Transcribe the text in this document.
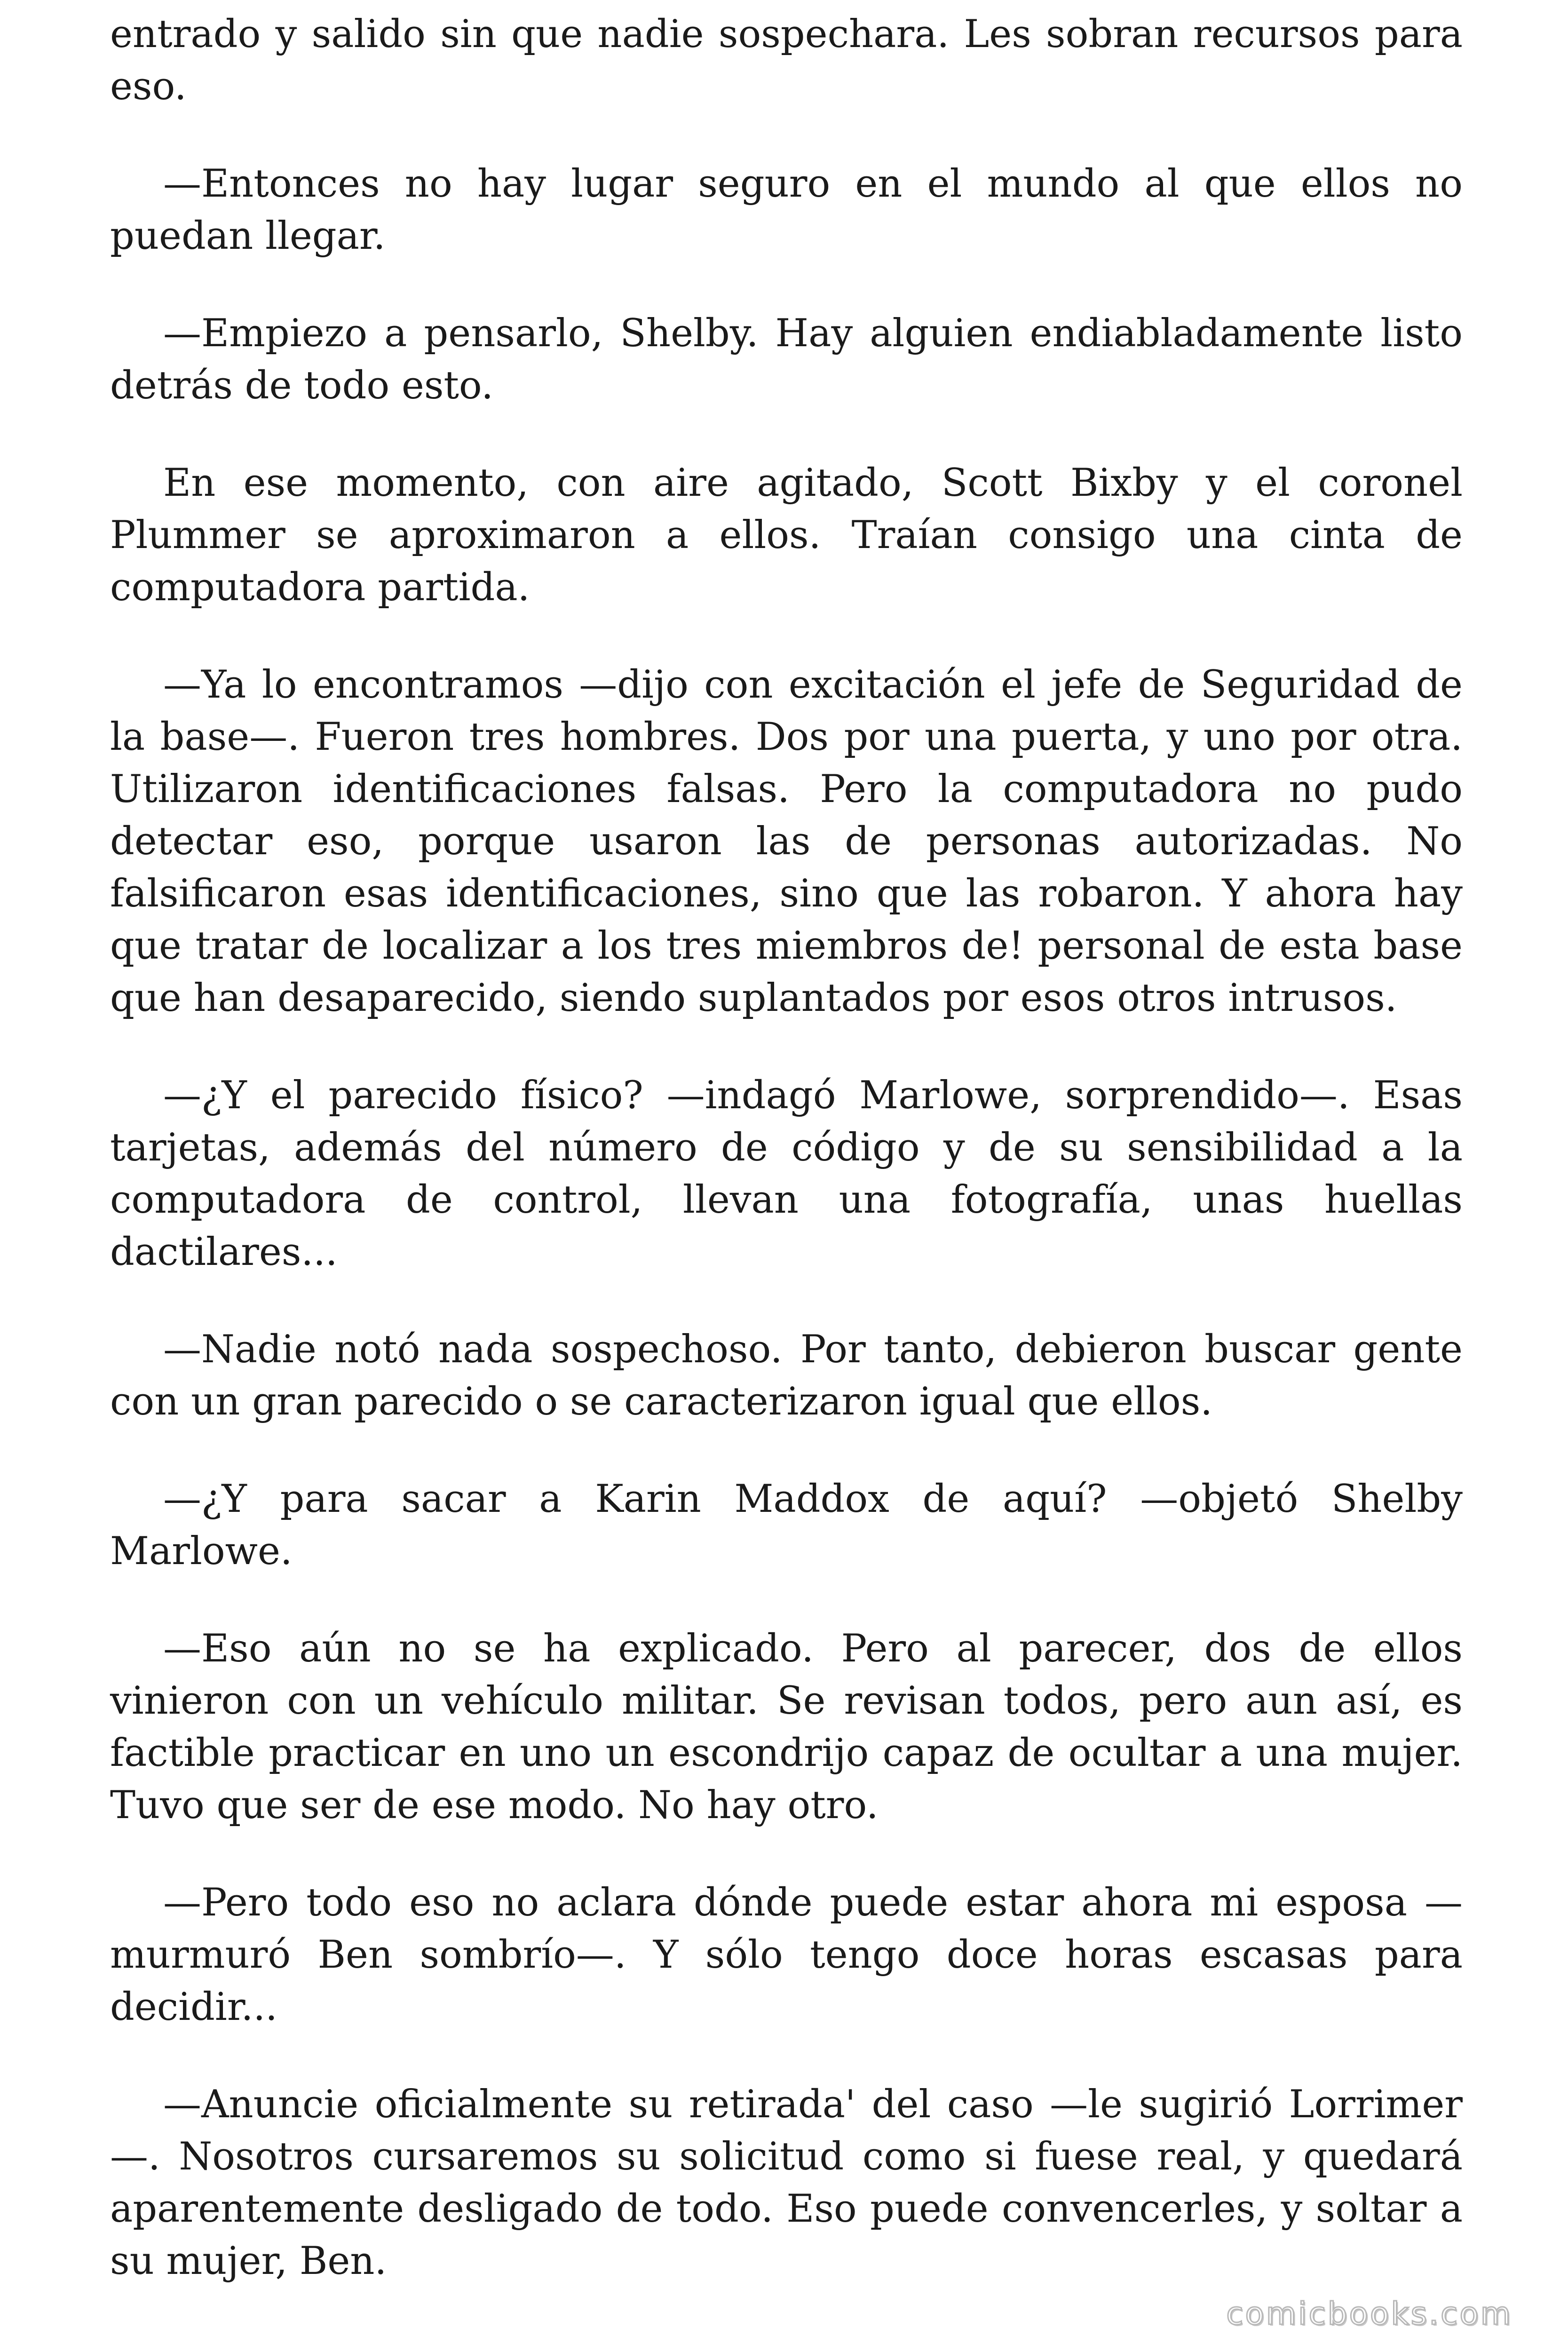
entrado y salido sin que nadie sospechara. Les sobran recursos para eso.

—Entonces no hay lugar seguro en el mundo al que ellos no puedan llegar.

—Empiezo a pensarlo, Shelby. Hay alguien endiabladamente listo detrás de todo esto.

En ese momento, con aire agitado, Scott Bixby y el coronel Plummer se aproximaron a ellos. Traían consigo una cinta de computadora partida.

—Ya lo encontramos —dijo con excitación el jefe de Seguridad de la base—. Fueron tres hombres. Dos por una puerta, y uno por otra. Utilizaron identificaciones falsas. Pero la computadora no pudo detectar eso, porque usaron las de personas autorizadas. No falsificaron esas identificaciones, sino que las robaron. Y ahora hay que tratar de localizar a los tres miembros de! personal de esta base que han desaparecido, siendo suplantados por esos otros intrusos.

—¿Y el parecido físico? —indagó Marlowe, sorprendido—. Esas tarjetas, además del número de código y de su sensibilidad a la computadora de control, llevan una fotografía, unas huellas dactilares...

—Nadie notó nada sospechoso. Por tanto, debieron buscar gente con un gran parecido o se caracterizaron igual que ellos.

—¿Y para sacar a Karin Maddox de aquí? —objetó Shelby Marlowe.

—Eso aún no se ha explicado. Pero al parecer, dos de ellos vinieron con un vehículo militar. Se revisan todos, pero aun así, es factible practicar en uno un escondrijo capaz de ocultar a una mujer. Tuvo que ser de ese modo. No hay otro.

—Pero todo eso no aclara dónde puede estar ahora mi esposa —murmuró Ben sombrío—. Y sólo tengo doce horas escasas para decidir...

—Anuncie oficialmente su retirada' del caso —le sugirió Lorrimer —. Nosotros cursaremos su solicitud como si fuese real, y quedará aparentemente desligado de todo. Eso puede convencerles, y soltar a su mujer, Ben.

comicbooks.com
